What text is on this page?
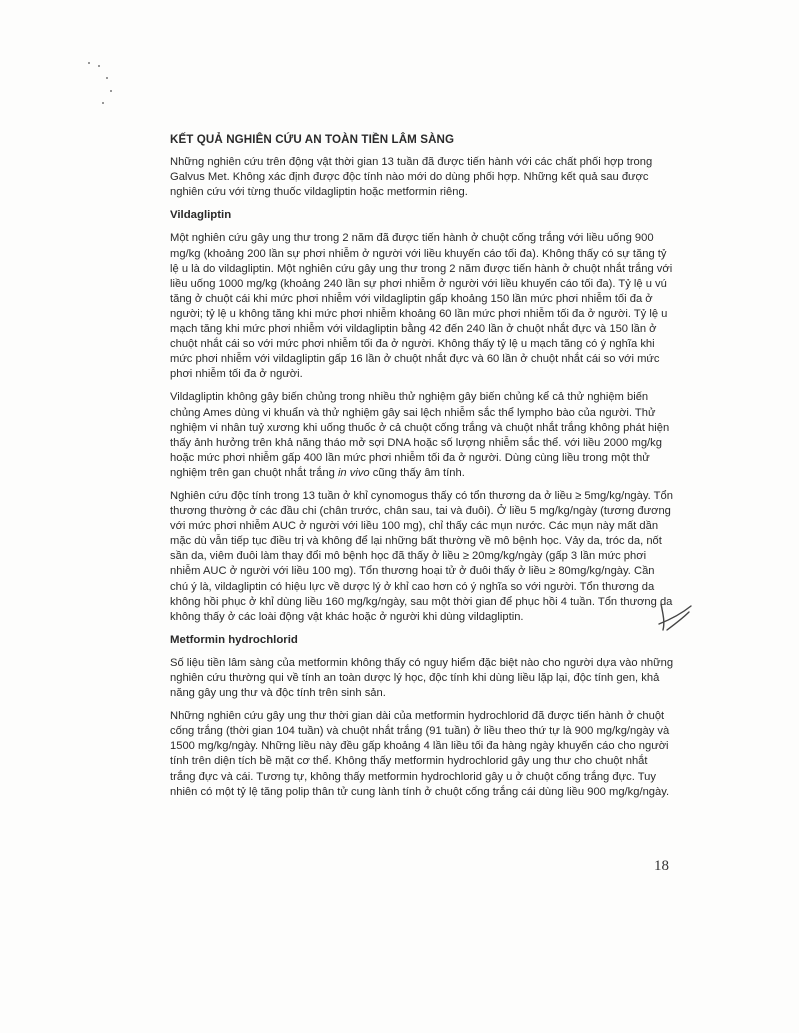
KẾT QUẢ NGHIÊN CỨU AN TOÀN TIỀN LÂM SÀNG

Những nghiên cứu trên động vật thời gian 13 tuần đã được tiến hành với các chất phối hợp trong Galvus Met. Không xác định được độc tính nào mới do dùng phối hợp. Những kết quả sau được nghiên cứu với từng thuốc vildagliptin hoặc metformin riêng.

Vildagliptin

Một nghiên cứu gây ung thư trong 2 năm đã được tiến hành ở chuột cống trắng với liều uống 900 mg/kg (khoảng 200 lần sự phơi nhiễm ở người với liều khuyến cáo tối đa). Không thấy có sự tăng tỷ lệ u là do vildagliptin. Một nghiên cứu gây ung thư trong 2 năm được tiến hành ở chuột nhắt trắng với liều uống 1000 mg/kg (khoảng 240 lần sự phơi nhiễm ở người với liều khuyến cáo tối đa). Tỷ lệ u vú tăng ở chuột cái khi mức phơi nhiễm với vildagliptin gấp khoảng 150 lần mức phơi nhiễm tối đa ở người; tỷ lệ u không tăng khi mức phơi nhiễm khoảng 60 lần mức phơi nhiễm tối đa ở người. Tỷ lệ u mạch tăng khi mức phơi nhiễm với vildagliptin bằng 42 đến 240 lần ở chuột nhắt đực và 150 lần ở chuột nhắt cái so với mức phơi nhiễm tối đa ở người. Không thấy tỷ lệ u mạch tăng có ý nghĩa khi mức phơi nhiễm với vildagliptin gấp 16 lần ở chuột nhắt đực và 60 lần ở chuột nhắt cái so với mức phơi nhiễm tối đa ở người.

Vildagliptin không gây biến chủng trong nhiều thử nghiệm gây biến chủng kể cả thử nghiệm biến chủng Ames dùng vi khuẩn và thử nghiệm gây sai lệch nhiễm sắc thể lympho bào của người. Thử nghiệm vi nhân tuỷ xương khi uống thuốc ở cả chuột cống trắng và chuột nhắt trắng không phát hiện thấy ảnh hưởng trên khả năng tháo mở sợi DNA hoặc số lượng nhiễm sắc thể. với liều 2000 mg/kg hoặc mức phơi nhiễm gấp 400 lần mức phơi nhiễm tối đa ở người. Dùng cùng liều trong một thử nghiệm trên gan chuột nhắt trắng in vivo cũng thấy âm tính.

Nghiên cứu độc tính trong 13 tuần ở khỉ cynomogus thấy có tổn thương da ở liều ≥ 5mg/kg/ngày. Tổn thương thường ở các đầu chi (chân trước, chân sau, tai và đuôi). Ở liều 5 mg/kg/ngày (tương đương với mức phơi nhiễm AUC ở người với liều 100 mg), chỉ thấy các mụn nước. Các mụn này mất dần mặc dù vẫn tiếp tục điều trị và không để lại những bất thường về mô bệnh học. Vảy da, tróc da, nốt sần da, viêm đuôi làm thay đổi mô bệnh học đã thấy ở liều ≥ 20mg/kg/ngày (gấp 3 lần mức phơi nhiễm AUC ở người với liều 100 mg). Tổn thương hoại tử ở đuôi thấy ở liều ≥ 80mg/kg/ngày. Cần chú ý là, vildagliptin có hiệu lực về dược lý ở khỉ cao hơn có ý nghĩa so với người. Tổn thương da không hồi phục ở khỉ dùng liều 160 mg/kg/ngày, sau một thời gian để phục hồi 4 tuần. Tổn thương da không thấy ở các loài động vật khác hoặc ở người khi dùng vildagliptin.

Metformin hydrochlorid

Số liệu tiền lâm sàng của metformin không thấy có nguy hiểm đặc biệt nào cho người dựa vào những nghiên cứu thường qui về tính an toàn dược lý học, độc tính khi dùng liều lặp lại, độc tính gen, khả năng gây ung thư và độc tính trên sinh sản.

Những nghiên cứu gây ung thư thời gian dài của metformin hydrochlorid đã được tiến hành ở chuột cống trắng (thời gian 104 tuần) và chuột nhắt trắng (91 tuần) ở liều theo thứ tự là 900 mg/kg/ngày và 1500 mg/kg/ngày. Những liều này đều gấp khoảng 4 lần liều tối đa hàng ngày khuyến cáo cho người tính trên diện tích bề mặt cơ thể. Không thấy metformin hydrochlorid gây ung thư cho chuột nhắt trắng đực và cái. Tương tự, không thấy metformin hydrochlorid gây u ở chuột cống trắng đực. Tuy nhiên có một tỷ lệ tăng polip thân tử cung lành tính ở chuột cống trắng cái dùng liều 900 mg/kg/ngày.

18
